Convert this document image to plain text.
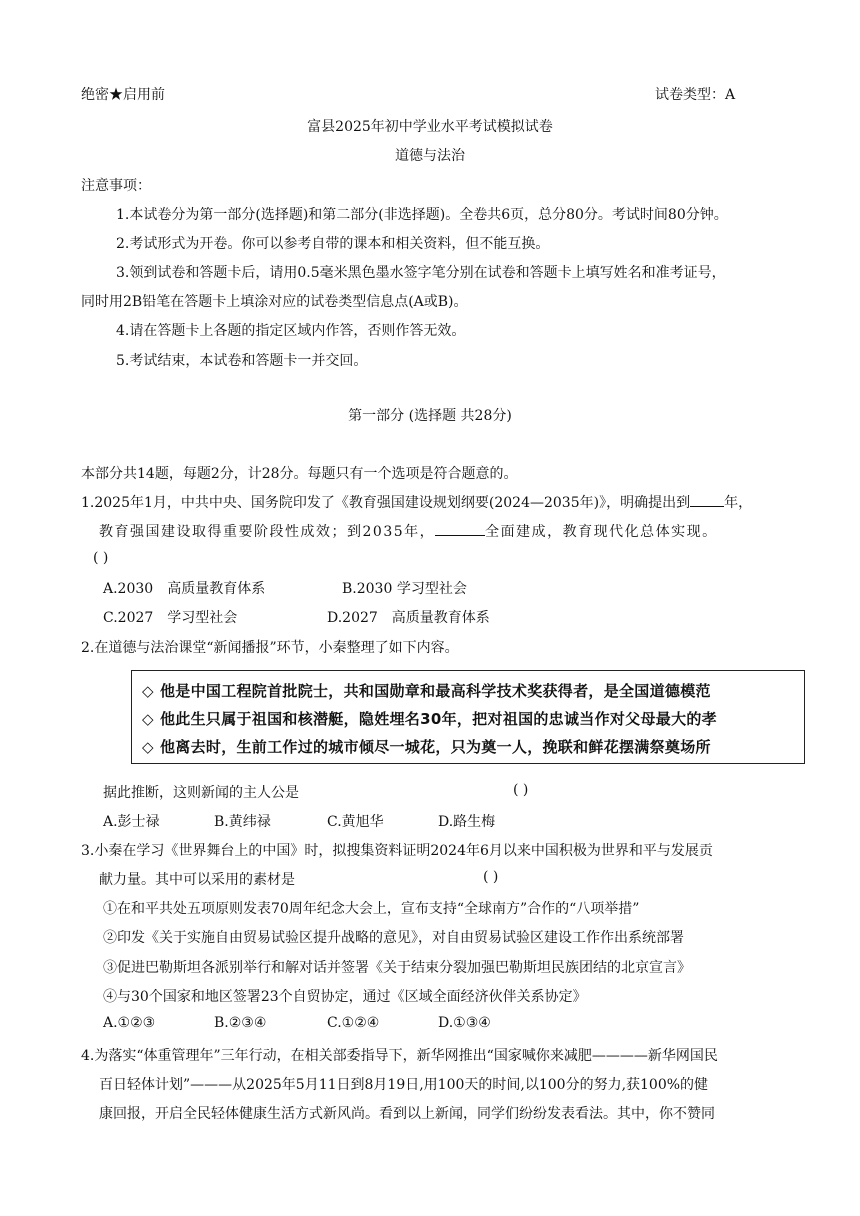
绝密★启用前	试卷类型：A
富县2025年初中学业水平考试模拟试卷
道德与法治
注意事项：
1.本试卷分为第一部分(选择题)和第二部分(非选择题)。全卷共6页，总分80分。考试时间80分钟。
2.考试形式为开卷。你可以参考自带的课本和相关资料，但不能互换。
3.领到试卷和答题卡后，请用0.5毫米黑色墨水签字笔分别在试卷和答题卡上填写姓名和准考证号，
同时用2B铅笔在答题卡上填涂对应的试卷类型信息点(A或B)。
4.请在答题卡上各题的指定区域内作答，否则作答无效。
5.考试结束，本试卷和答题卡一并交回。
第一部分 (选择题 共28分)
本部分共14题，每题2分，计28分。每题只有一个选项是符合题意的。
1.2025年1月，中共中央、国务院印发了《教育强国建设规划纲要(2024—2035年)》，明确提出到 年，
教育强国建设取得重要阶段性成效；到2035年，	全面建成，教育现代化总体实现。
( )
A.2030　高质量教育体系	B.2030 学习型社会
C.2027　学习型社会	D.2027　高质量教育体系
2.在道德与法治课堂“新闻播报”环节，小秦整理了如下内容。
◇ 他是中国工程院首批院士，共和国勋章和最高科学技术奖获得者，是全国道德模范
◇ 他此生只属于祖国和核潜艇，隐姓埋名30年，把对祖国的忠诚当作对父母最大的孝
◇ 他离去时，生前工作过的城市倾尽一城花，只为奠一人，挽联和鲜花摆满祭奠场所
据此推断，这则新闻的主人公是	( )
A.彭士禄	B.黄纬禄	C.黄旭华	D.路生梅
3.小秦在学习《世界舞台上的中国》时，拟搜集资料证明2024年6月以来中国积极为世界和平与发展贡
献力量。其中可以采用的素材是	( )
①在和平共处五项原则发表70周年纪念大会上，宣布支持“全球南方”合作的“八项举措”
②印发《关于实施自由贸易试验区提升战略的意见》，对自由贸易试验区建设工作作出系统部署
③促进巴勒斯坦各派别举行和解对话并签署《关于结束分裂加强巴勒斯坦民族团结的北京宣言》
④与30个国家和地区签署23个自贸协定，通过《区域全面经济伙伴关系协定》
A.①②③	B.②③④	C.①②④	D.①③④
4.为落实“体重管理年”三年行动，在相关部委指导下，新华网推出“国家喊你来减肥————新华网国民
百日轻体计划”———从2025年5月11日到8月19日,用100天的时间,以100分的努力,获100%的健
康回报，开启全民轻体健康生活方式新风尚。看到以上新闻，同学们纷纷发表看法。其中，你不赞同
